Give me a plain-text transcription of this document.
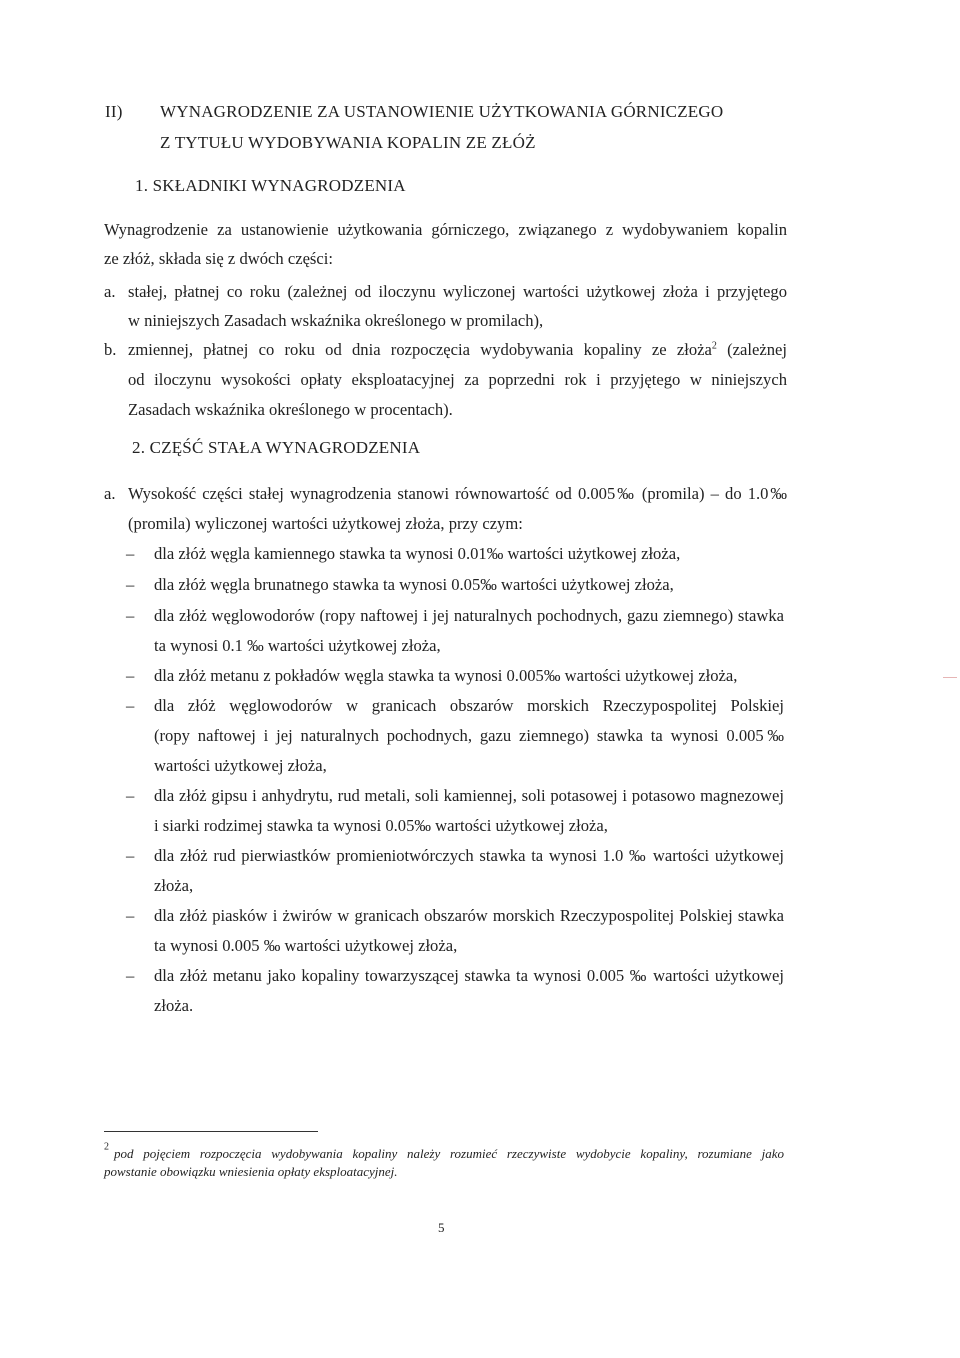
II) WYNAGRODZENIE ZA USTANOWIENIE UŻYTKOWANIA GÓRNICZEGO
Z TYTUŁU WYDOBYWANIA KOPALIN ZE ZŁÓŻ
1. SKŁADNIKI WYNAGRODZENIA
Wynagrodzenie za ustanowienie użytkowania górniczego, związanego z wydobywaniem kopalin
ze złóż, składa się z dwóch części:
a. stałej, płatnej co roku (zależnej od iloczynu wyliczonej wartości użytkowej złoża i przyjętego
w niniejszych Zasadach wskaźnika określonego w promilach),
b. zmiennej, płatnej co roku od dnia rozpoczęcia wydobywania kopaliny ze złoża$^2$ (zależnej
od iloczynu wysokości opłaty eksploatacyjnej za poprzedni rok i przyjętego w niniejszych
Zasadach wskaźnika określonego w procentach).
2. CZĘŚĆ STAŁA WYNAGRODZENIA
a. Wysokość części stałej wynagrodzenia stanowi równowartość od 0.005‰ (promila) – do 1.0‰
(promila) wyliczonej wartości użytkowej złoża, przy czym:
– dla złóż węgla kamiennego stawka ta wynosi 0.01‰ wartości użytkowej złoża,
– dla złóż węgla brunatnego stawka ta wynosi 0.05‰ wartości użytkowej złoża,
– dla złóż węglowodorów (ropy naftowej i jej naturalnych pochodnych, gazu ziemnego) stawka
ta wynosi 0.1 ‰ wartości użytkowej złoża,
– dla złóż metanu z pokładów węgla stawka ta wynosi 0.005‰ wartości użytkowej złoża,
– dla złóż węglowodorów w granicach obszarów morskich Rzeczypospolitej Polskiej
(ropy naftowej i jej naturalnych pochodnych, gazu ziemnego) stawka ta wynosi 0.005‰
wartości użytkowej złoża,
– dla złóż gipsu i anhydrytu, rud metali, soli kamiennej, soli potasowej i potasowo magnezowej
i siarki rodzimej stawka ta wynosi 0.05‰ wartości użytkowej złoża,
– dla złóż rud pierwiastków promieniotwórczych stawka ta wynosi 1.0 ‰ wartości użytkowej
złoża,
– dla złóż piasków i żwirów w granicach obszarów morskich Rzeczypospolitej Polskiej stawka
ta wynosi 0.005 ‰ wartości użytkowej złoża,
– dla złóż metanu jako kopaliny towarzyszącej stawka ta wynosi 0.005 ‰ wartości użytkowej
złoża.
$^2$ pod pojęciem rozpoczęcia wydobywania kopaliny należy rozumieć rzeczywiste wydobycie kopaliny, rozumiane jako
powstanie obowiązku wniesienia opłaty eksploatacyjnej.
5
